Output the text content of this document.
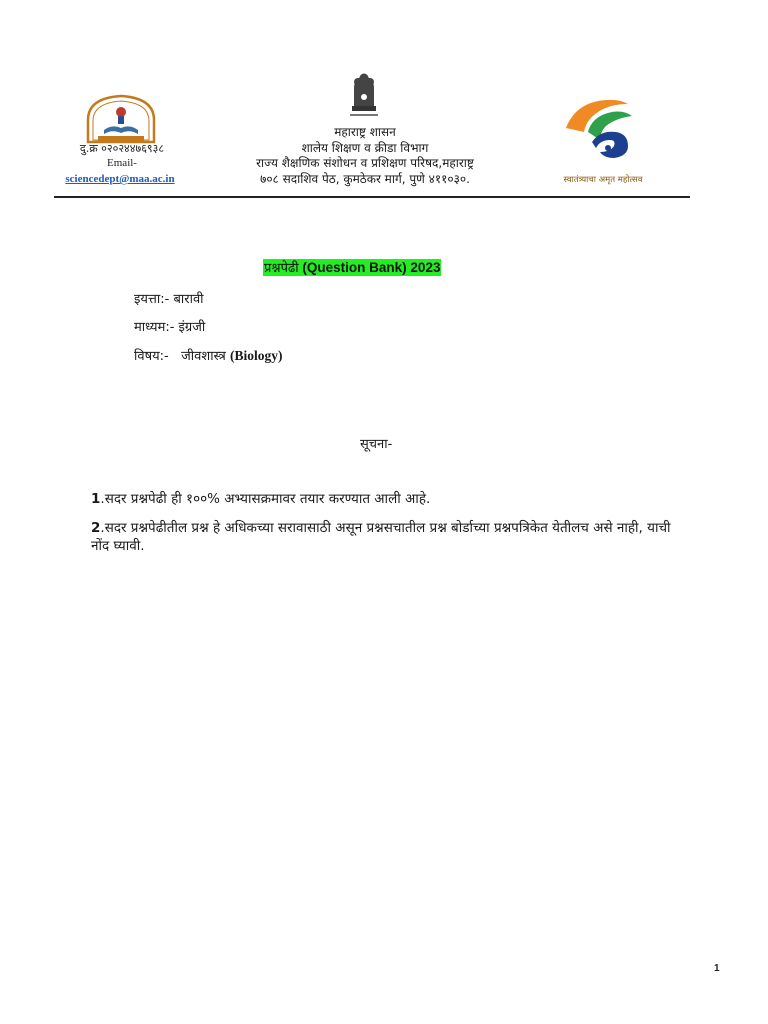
दु.क्र ०२०२४४७६९३८
Email-
sciencedept@maa.ac.in
महाराष्ट्र शासन
शालेय शिक्षण व क्रीडा विभाग
राज्य शैक्षणिक संशोधन व प्रशिक्षण परिषद,महाराष्ट्र
७०८ सदाशिव पेठ, कुमठेकर मार्ग, पुणे ४११०३०.	स्वातंत्र्याचा अमृत महोत्सव
प्रश्नपेढी (Question Bank) 2023
इयत्ता:- बारावी
माध्यम:- इंग्रजी
विषय:-   जीवशास्त्र (Biology)
सूचना-
1.सदर प्रश्नपेढी ही १००% अभ्यासक्रमावर तयार करण्यात आली आहे.
2.सदर प्रश्नपेढीतील प्रश्न हे अधिकच्या सरावासाठी असून प्रश्नसचातील प्रश्न बोर्डाच्या प्रश्नपत्रिकेत येतीलच असे नाही, याची नोंद घ्यावी.
1
